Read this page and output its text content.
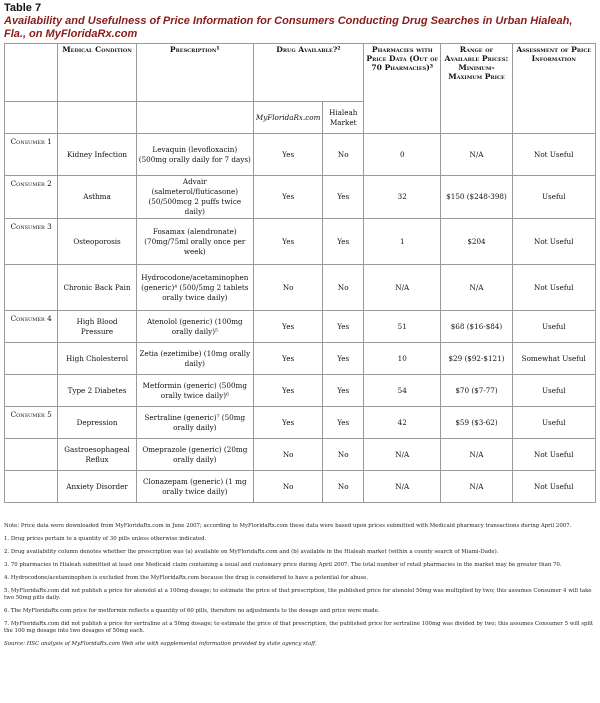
Table 7
Availability and Usefulness of Price Information for Consumers Conducting Drug Searches in Urban Hialeah, Fla., on MyFloridaRx.com
	Medical Condition	Prescription¹	Drug Available?²		Pharmacies with Price Data (Out of 70 Pharmacies)³	Range of Available Prices: Minimum-Maximum Price	Assessment of Price Information
			MyFloridaRx.com	Hialeah Market			
Consumer 1	Kidney Infection	Levaquin (levofloxacin) (500mg orally daily for 7 days)	Yes	No	0	N/A	Not Useful
Consumer 2	Asthma	Advair (salmeterol/fluticasone) (50/500mcg 2 puffs twice daily)	Yes	Yes	32	$150 ($248-398)	Useful
Consumer 3	Osteoporosis	Fosamax (alendronate) (70mg/75ml orally once per week)	Yes	Yes	1	$204	Not Useful
	Chronic Back Pain	Hydrocodone/acetaminophen (generic)⁴ (500/5mg 2 tablets orally twice daily)	No	No	N/A	N/A	Not Useful
Consumer 4	High Blood Pressure	Atenolol (generic) (100mg orally daily)⁵	Yes	Yes	51	$68 ($16-$84)	Useful
	High Cholesterol	Zetia (ezetimibe) (10mg orally daily)	Yes	Yes	10	$29 ($92-$121)	Somewhat Useful
	Type 2 Diabetes	Metformin (generic) (500mg orally twice daily)⁶	Yes	Yes	54	$70 ($7-77)	Useful
Consumer 5	Depression	Sertraline (generic)⁷ (50mg orally daily)	Yes	Yes	42	$59 ($3-62)	Useful
	Gastroesophageal Reflux	Omeprazole (generic) (20mg orally daily)	No	No	N/A	N/A	Not Useful
	Anxiety Disorder	Clonazepam (generic) (1 mg orally twice daily)	No	No	N/A	N/A	Not Useful

Note: Price data were downloaded from MyFloridaRx.com in June 2007; according to MyFloridaRx.com these data were based upon prices submitted with Medicaid pharmacy transactions during April 2007.

1. Drug prices pertain to a quantity of 30 pills unless otherwise indicated.

2. Drug availability column denotes whether the prescription was (a) available on MyFloridaRx.com and (b) available in the Hialeah market (within a county search of Miami-Dade).

3. 70 pharmacies in Hialeah submitted at least one Medicaid claim containing a usual and customary price during April 2007. The total number of retail pharmacies in the market may be greater than 70.

4. Hydrocodone/acetaminophen is excluded from the MyFloridaRx.com because the drug is considered to have a potential for abuse.

5. MyFloridaRx.com did not publish a price for atenolol at a 100mg dosage; to estimate the price of that prescription, the published price for atenolol 50mg was multiplied by two; this assumes Consumer 4 will take two 50mg pills daily.

6. The MyFloridaRx.com price for metformin reflects a quantity of 60 pills, therefore no adjustments to the dosage and price were made.

7. MyFloridaRx.com did not publish a price for sertraline at a 50mg dosage; to estimate the price of that prescription, the published price for sertraline 100mg was divided by two; this assumes Consumer 5 will split the 100 mg dosage into two dosages of 50mg each.

Source: HSC analysis of MyFloridaRx.com Web site with supplemental information provided by state agency staff.
